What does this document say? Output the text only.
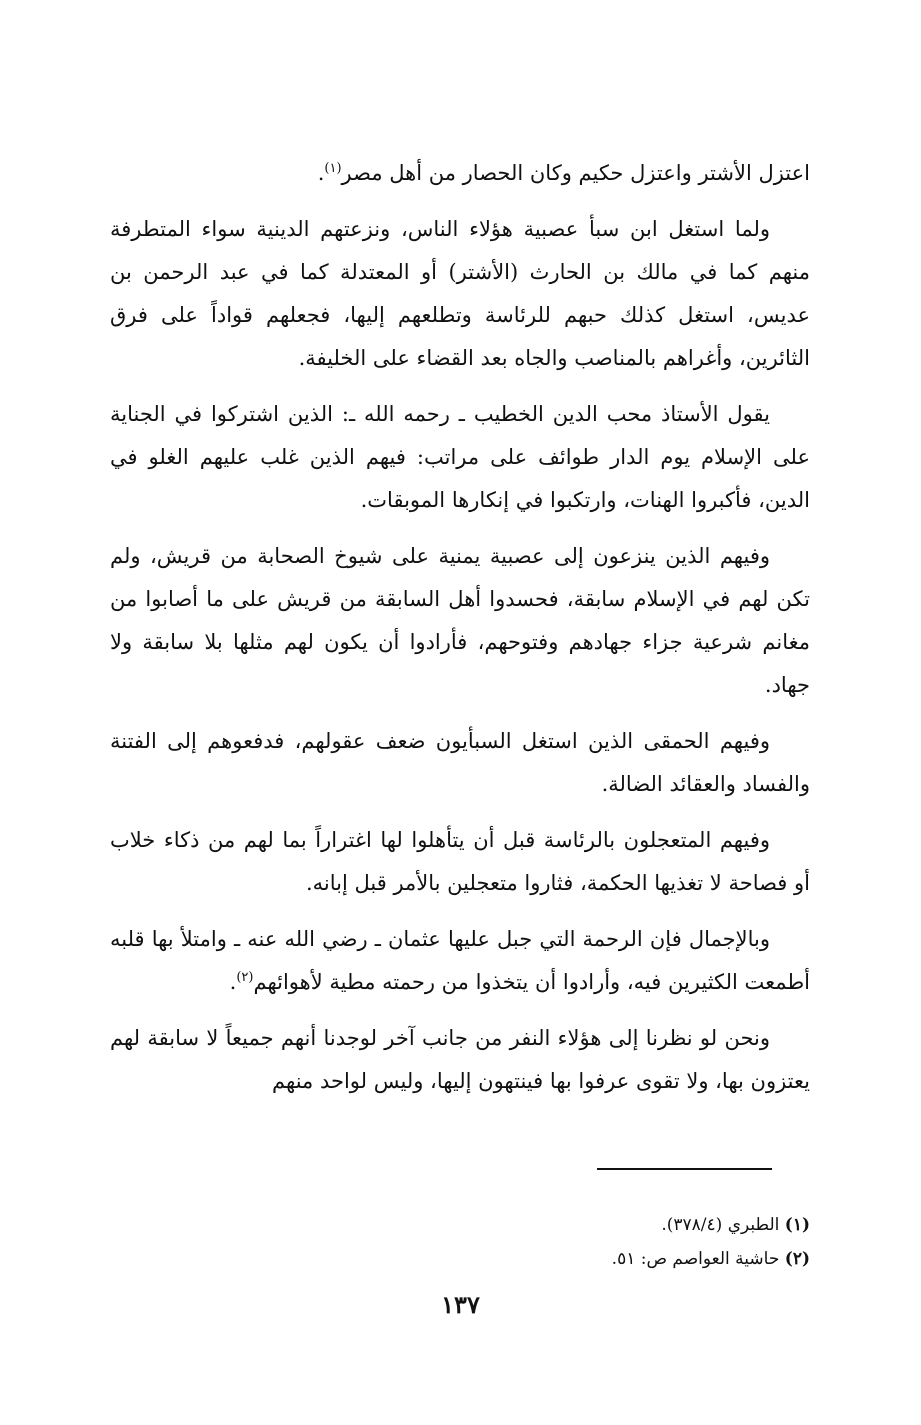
اعتزل الأشتر واعتزل حكيم وكان الحصار من أهل مصر$^{(١)}$.

ولما استغل ابن سبأ عصبية هؤلاء الناس، ونزعتهم الدينية سواء المتطرفة منهم كما في مالك بن الحارث (الأشتر) أو المعتدلة كما في عبد الرحمن بن عديس، استغل كذلك حبهم للرئاسة وتطلعهم إليها، فجعلهم قواداً على فرق الثائرين، وأغراهم بالمناصب والجاه بعد القضاء على الخليفة.

يقول الأستاذ محب الدين الخطيب ـ رحمه الله ـ: الذين اشتركوا في الجناية على الإسلام يوم الدار طوائف على مراتب: فيهم الذين غلب عليهم الغلو في الدين، فأكبروا الهنات، وارتكبوا في إنكارها الموبقات.

وفيهم الذين ينزعون إلى عصبية يمنية على شيوخ الصحابة من قريش، ولم تكن لهم في الإسلام سابقة، فحسدوا أهل السابقة من قريش على ما أصابوا من مغانم شرعية جزاء جهادهم وفتوحهم، فأرادوا أن يكون لهم مثلها بلا سابقة ولا جهاد.

وفيهم الحمقى الذين استغل السبأيون ضعف عقولهم، فدفعوهم إلى الفتنة والفساد والعقائد الضالة.

وفيهم المتعجلون بالرئاسة قبل أن يتأهلوا لها اغتراراً بما لهم من ذكاء خلاب أو فصاحة لا تغذيها الحكمة، فثاروا متعجلين بالأمر قبل إبانه.

وبالإجمال فإن الرحمة التي جبل عليها عثمان ـ رضي الله عنه ـ وامتلأ بها قلبه أطمعت الكثيرين فيه، وأرادوا أن يتخذوا من رحمته مطية لأهوائهم$^{(٢)}$.

ونحن لو نظرنا إلى هؤلاء النفر من جانب آخر لوجدنا أنهم جميعاً لا سابقة لهم يعتزون بها، ولا تقوى عرفوا بها فينتهون إليها، وليس لواحد منهم

(١) الطبري (٣٧٨/٤).
(٢) حاشية العواصم ص: ٥١.
١٣٧
